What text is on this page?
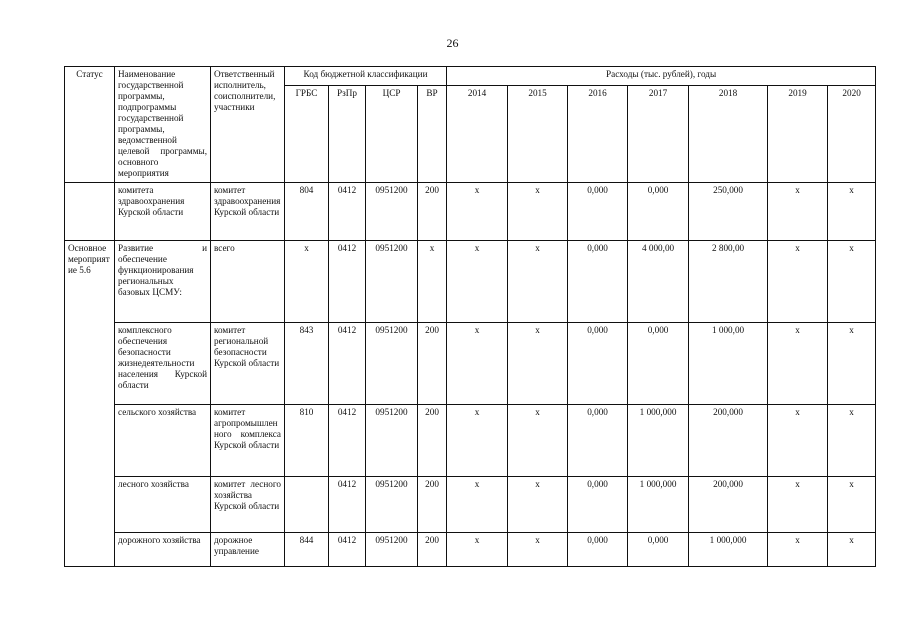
26
Статус	Наименование государственной программы, подпрограммы государственной программы, ведомственной целевой программы, основного мероприятия	Ответственный исполнитель, соисполнители, участники	Код бюджетной классификации				Расходы (тыс. рублей), годы						
			ГРБС	РзПр	ЦСР	ВР	2014	2015	2016	2017	2018	2019	2020
	комитета здравоохранения Курской области	комитет здравоохранения Курской области	804	0412	0951200	200	х	х	0,000	0,000	250,000	х	х
Основное мероприятие 5.6	Развитие и обеспечение функционирования региональных базовых ЦСМУ:	всего	х	0412	0951200	х	х	х	0,000	4 000,00	2 800,00	х	х
	комплексного обеспечения безопасности жизнедеятельности населения Курской области	комитет региональной безопасности Курской области	843	0412	0951200	200	х	х	0,000	0,000	1 000,00	х	х
	сельского хозяйства	комитет агропромышленного комплекса Курской области	810	0412	0951200	200	х	х	0,000	1 000,000	200,000	х	х
	лесного хозяйства	комитет лесного хозяйства Курской области		0412	0951200	200	х	х	0,000	1 000,000	200,000	х	х
	дорожного хозяйства	дорожное управление	844	0412	0951200	200	х	х	0,000	0,000	1 000,000	х	х
